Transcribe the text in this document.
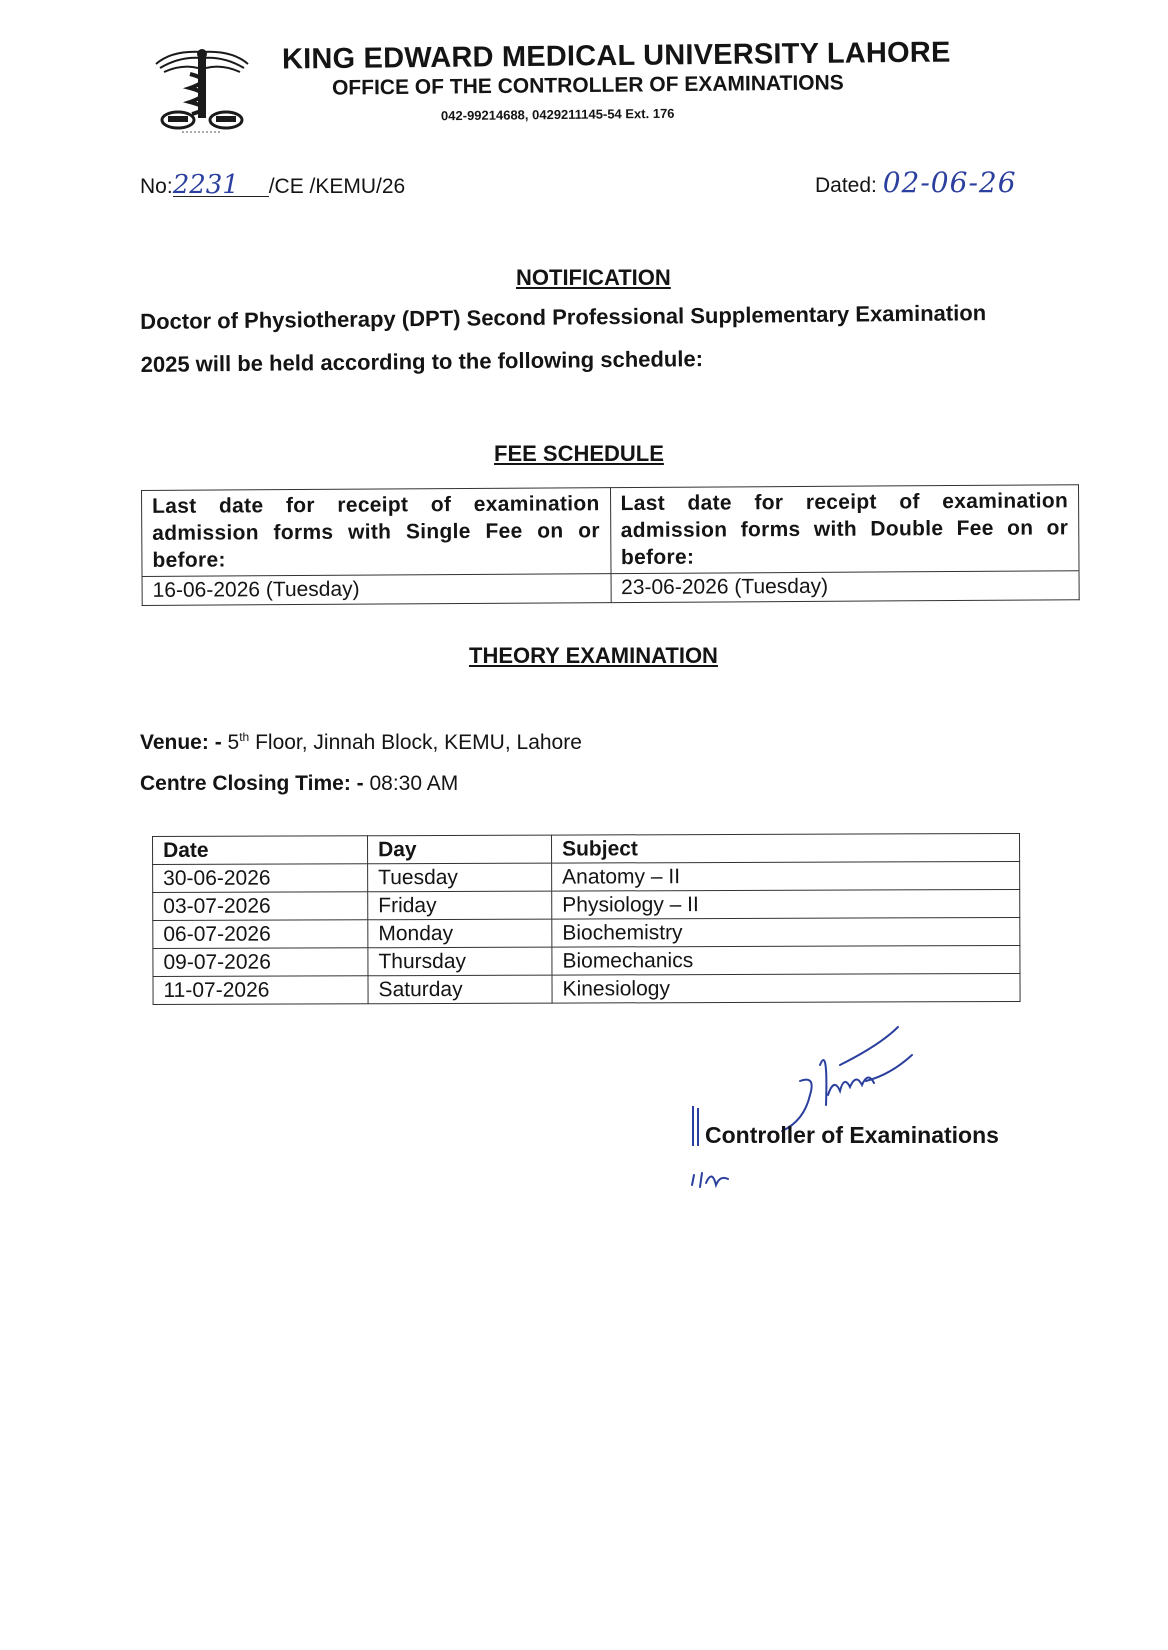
KING EDWARD MEDICAL UNIVERSITY LAHORE
OFFICE OF THE CONTROLLER OF EXAMINATIONS
042-99214688, 0429211145-54 Ext. 176
No:2231 /CE /KEMU/26	Dated: 02-06-26
NOTIFICATION
Doctor of Physiotherapy (DPT) Second Professional Supplementary Examination 2025 will be held according to the following schedule:
FEE SCHEDULE
Last date for receipt of examination admission forms with Single Fee on or before:	Last date for receipt of examination admission forms with Double Fee on or before:
16-06-2026 (Tuesday)	23-06-2026 (Tuesday)
THEORY EXAMINATION
Venue: - 5th Floor, Jinnah Block, KEMU, Lahore
Centre Closing Time: - 08:30 AM
Date	Day	Subject
30-06-2026	Tuesday	Anatomy – II
03-07-2026	Friday	Physiology – II
06-07-2026	Monday	Biochemistry
09-07-2026	Thursday	Biomechanics
11-07-2026	Saturday	Kinesiology
Controller of Examinations
